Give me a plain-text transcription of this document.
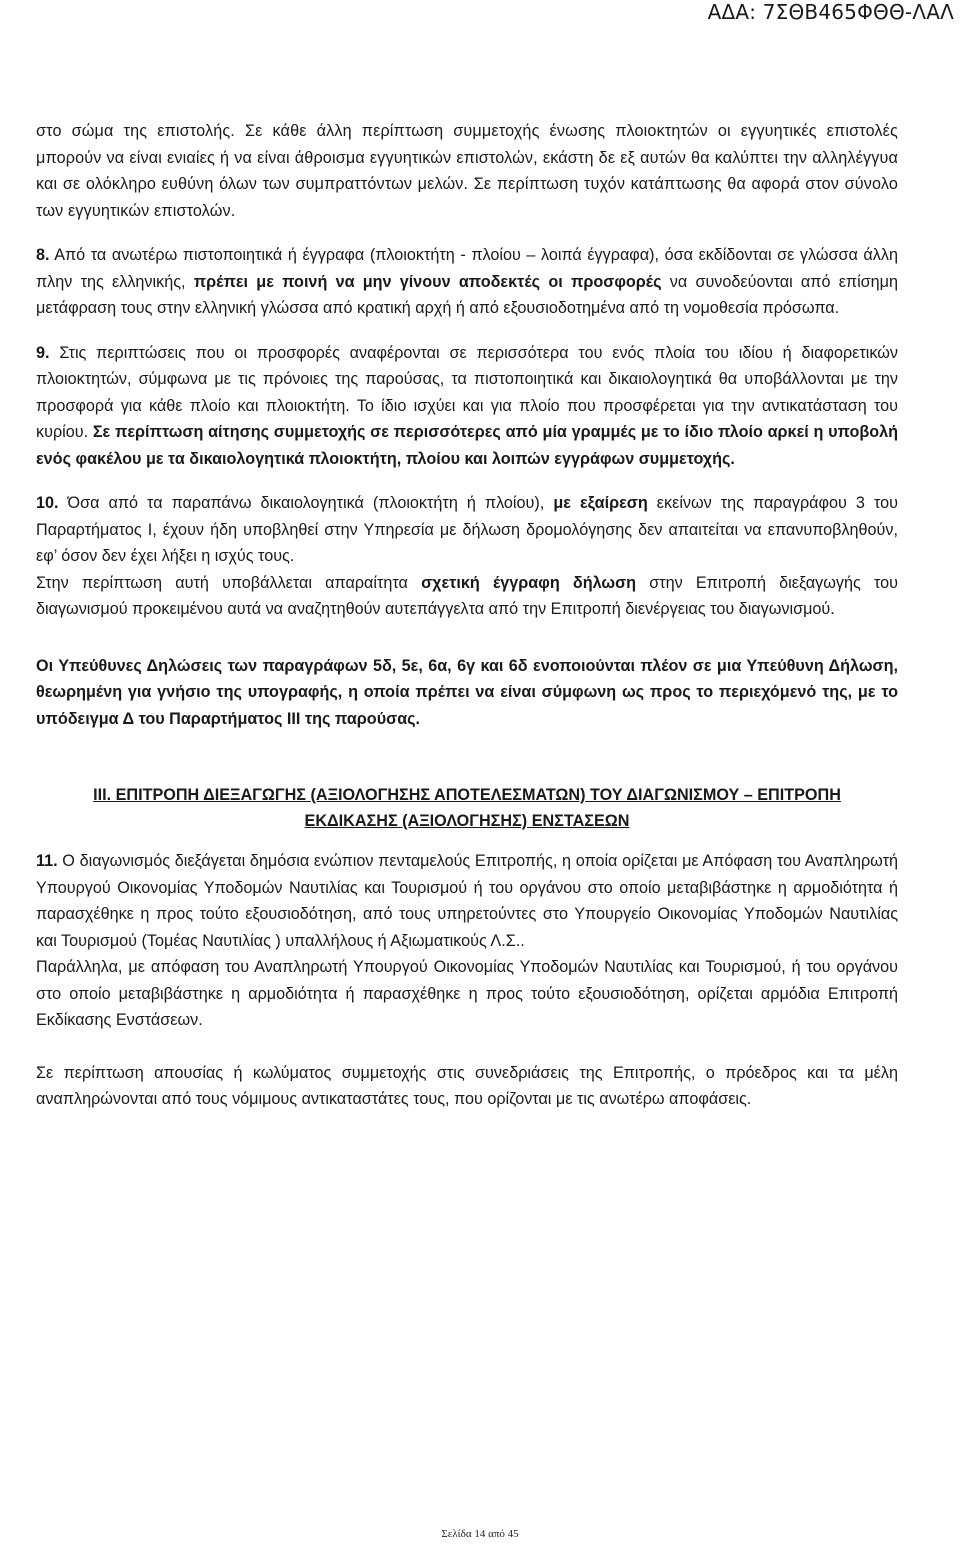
ΑΔΑ: 7ΣΘΒ465ΦΘΘ-ΛΑΛ

στο σώμα της επιστολής. Σε κάθε άλλη περίπτωση συμμετοχής ένωσης πλοιοκτητών οι εγγυητικές επιστολές μπορούν να είναι ενιαίες ή να είναι άθροισμα εγγυητικών επιστολών, εκάστη δε εξ αυτών θα καλύπτει την αλληλέγγυα και σε ολόκληρο ευθύνη όλων των συμπραττόντων μελών. Σε περίπτωση τυχόν κατάπτωσης θα αφορά στον σύνολο των εγγυητικών επιστολών.

8. Από τα ανωτέρω πιστοποιητικά ή έγγραφα (πλοιοκτήτη - πλοίου – λοιπά έγγραφα), όσα εκδίδονται σε γλώσσα άλλη πλην της ελληνικής, πρέπει με ποινή να μην γίνουν αποδεκτές οι προσφορές να συνοδεύονται από επίσημη μετάφραση τους στην ελληνική γλώσσα από κρατική αρχή ή από εξουσιοδοτημένα από τη νομοθεσία πρόσωπα.

9. Στις περιπτώσεις που οι προσφορές αναφέρονται σε περισσότερα του ενός πλοία του ιδίου ή διαφορετικών πλοιοκτητών, σύμφωνα με τις πρόνοιες της παρούσας, τα πιστοποιητικά και δικαιολογητικά θα υποβάλλονται με την προσφορά για κάθε πλοίο και πλοιοκτήτη. Το ίδιο ισχύει και για πλοίο που προσφέρεται για την αντικατάσταση του κυρίου. Σε περίπτωση αίτησης συμμετοχής σε περισσότερες από μία γραμμές με το ίδιο πλοίο αρκεί η υποβολή ενός φακέλου με τα δικαιολογητικά πλοιοκτήτη, πλοίου και λοιπών εγγράφων συμμετοχής.

10. Όσα από τα παραπάνω δικαιολογητικά (πλοιοκτήτη ή πλοίου), με εξαίρεση εκείνων της παραγράφου 3 του Παραρτήματος Ι, έχουν ήδη υποβληθεί στην Υπηρεσία με δήλωση δρομολόγησης δεν απαιτείται να επανυποβληθούν, εφ’ όσον δεν έχει λήξει η ισχύς τους.
Στην περίπτωση αυτή υποβάλλεται απαραίτητα σχετική έγγραφη δήλωση στην Επιτροπή διεξαγωγής του διαγωνισμού προκειμένου αυτά να αναζητηθούν αυτεπάγγελτα από την Επιτροπή διενέργειας του διαγωνισμού.

Οι Υπεύθυνες Δηλώσεις των παραγράφων 5δ, 5ε, 6α, 6γ και 6δ ενοποιούνται πλέον σε μια Υπεύθυνη Δήλωση, θεωρημένη για γνήσιο της υπογραφής, η οποία πρέπει να είναι σύμφωνη ως προς το περιεχόμενό της, με το υπόδειγμα Δ του Παραρτήματος ΙΙΙ της παρούσας.

ΙΙΙ. ΕΠΙΤΡΟΠΗ ΔΙΕΞΑΓΩΓΗΣ (ΑΞΙΟΛΟΓΗΣΗΣ ΑΠΟΤΕΛΕΣΜΑΤΩΝ) ΤΟΥ ΔΙΑΓΩΝΙΣΜΟΥ – ΕΠΙΤΡΟΠΗ

ΕΚΔΙΚΑΣΗΣ (ΑΞΙΟΛΟΓΗΣΗΣ) ΕΝΣΤΑΣΕΩΝ

11. Ο διαγωνισμός διεξάγεται δημόσια ενώπιον πενταμελούς Επιτροπής, η οποία ορίζεται με Απόφαση του Αναπληρωτή Υπουργού Οικονομίας Υποδομών Ναυτιλίας και Τουρισμού ή του οργάνου στο οποίο μεταβιβάστηκε η αρμοδιότητα ή παρασχέθηκε η προς τούτο εξουσιοδότηση, από τους υπηρετούντες στο Υπουργείο Οικονομίας Υποδομών Ναυτιλίας και Τουρισμού (Τομέας Ναυτιλίας ) υπαλλήλους ή Αξιωματικούς Λ.Σ..
Παράλληλα, με απόφαση του Αναπληρωτή Υπουργού Οικονομίας Υποδομών Ναυτιλίας και Τουρισμού, ή του οργάνου στο οποίο μεταβιβάστηκε η αρμοδιότητα ή παρασχέθηκε η προς τούτο εξουσιοδότηση, ορίζεται αρμόδια Επιτροπή Εκδίκασης Ενστάσεων.

Σε περίπτωση απουσίας ή κωλύματος συμμετοχής στις συνεδριάσεις της Επιτροπής, ο πρόεδρος και τα μέλη αναπληρώνονται από τους νόμιμους αντικαταστάτες τους, που ορίζονται με τις ανωτέρω αποφάσεις.

Σελίδα 14 από 45
